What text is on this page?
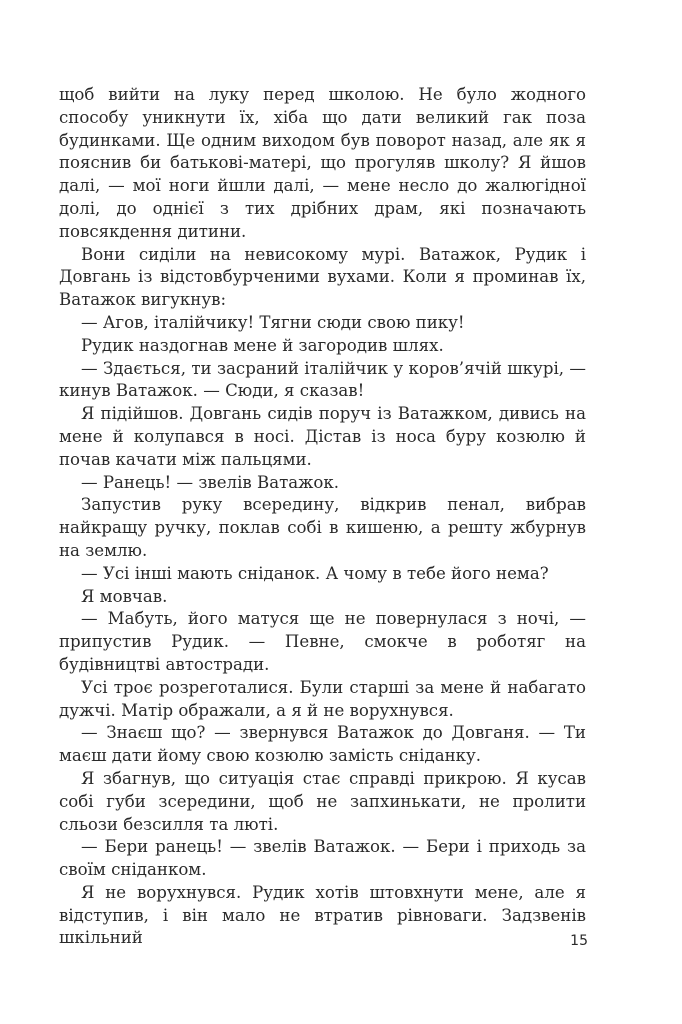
щоб вийти на луку перед школою. Не було жодного способу уникнути їх, хіба що дати великий гак поза будинками. Ще одним виходом був поворот назад, але як я пояснив би батькові-матері, що прогуляв школу? Я йшов далі, — мої ноги йшли далі, — мене несло до жалюгідної долі, до однієї з тих дрібних драм, які позначають повсякдення дитини.

Вони сиділи на невисокому мурі. Ватажок, Рудик і Довгань із відстовбурченими вухами. Коли я проминав їх, Ватажок вигукнув:

— Агов, італійчику! Тягни сюди свою пику!

Рудик наздогнав мене й загородив шлях.

— Здається, ти засраний італійчик у коров’ячій шкурі, — кинув Ватажок. — Сюди, я сказав!

Я підійшов. Довгань сидів поруч із Ватажком, дивись на мене й колупався в носі. Дістав із носа буру козюлю й почав качати між пальцями.

— Ранець! — звелів Ватажок.

Запустив руку всередину, відкрив пенал, вибрав найкращу ручку, поклав собі в кишеню, а решту жбурнув на землю.

— Усі інші мають сніданок. А чому в тебе його нема?

Я мовчав.

— Мабуть, його матуся ще не повернулася з ночі, — припустив Рудик. — Певне, смокче в роботяг на будівництві автостради.

Усі троє розреготалися. Були старші за мене й набагато дужчі. Матір ображали, а я й не ворухнувся.

— Знаєш що? — звернувся Ватажок до Довганя. — Ти маєш дати йому свою козюлю замість сніданку.

Я збагнув, що ситуація стає справді прикрою. Я кусав собі губи зсередини, щоб не запхинькати, не пролити сльози безсилля та люті.

— Бери ранець! — звелів Ватажок. — Бери і приходь за своїм сніданком.

Я не ворухнувся. Рудик хотів штовхнути мене, але я відступив, і він мало не втратив рівноваги. Задзвенів шкільний	15
